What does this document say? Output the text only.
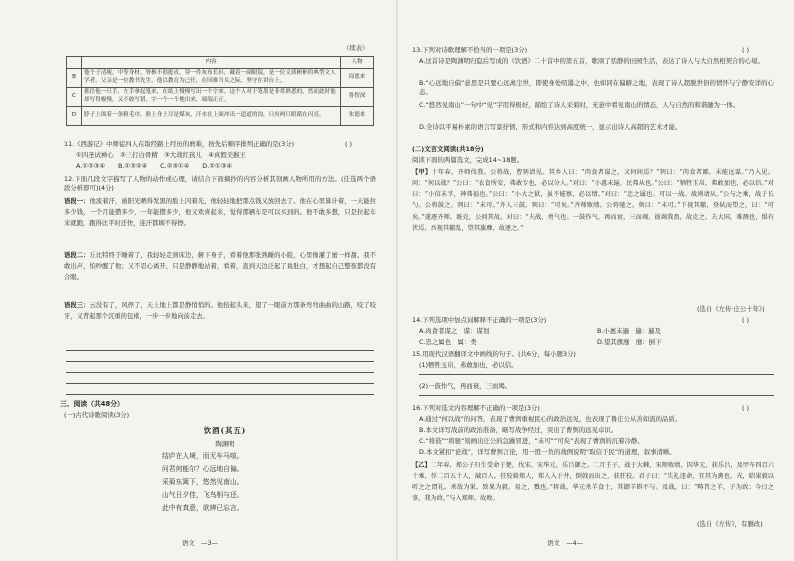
（续表）
	内容	人物
B	他个子清瘦，中等身材，脊椎不很挺直，穿一件灰布长衫，戴着一副眼镜，是一位文质彬彬的典型文人学者。父亲是一位教书先生，他以教育为己任，在国难当头之际，坚守在讲台上。	周恩来
C	抓住他一只手，左手拿起笔来，在纸上慢慢写出一个字来。这个人对于笔墨是非常熟悉的，然而此时他却写得极慢，又不敢写错，字一个一个地出来，端端正正。	鲁智深
D	脖子上围着一条粗毛巾，脸上身上尽是煤灰，汗水在上面冲出一道道的沟，只有两只眼睛在闪亮。	朱德来
11.《西游记》中师徒四人在取经路上经历的磨难，按先后顺序排列正确的是(3分)	( )
①四圣试禅心　②三打白骨精　③大战红孩儿　④真假美猴王
A.①②③④　　B.①③②④　　C.②③①④　　D.②①③④
12.下面几段文字描写了人物的动作或心理，请结合下面摘抄的内容分析其刻画人物所用的方法。(任选两个语段分析即可)(4分)
语段一：他流着汗，被阳光晒得发黑的脸上闪着光，他轻轻地把那点钱又放回去了。他在心里算计着，一天能拉多少钱，一个月能攒多少，一年能攒多少，他又欢喜起来，觉得那辆车是可以买到的。他不敢多想，只是拉起车来就跑，跑得比平时还快，连汗都顾不得擦。
语段二：丘比特终于睡着了，我轻轻走到床边，俯下身子，看着他那张熟睡的小脸，心里像灌了蜜一样甜。我不敢出声，怕吵醒了他；又不忍心离开，只是静静地站着，看着，直到天边泛起了鱼肚白，才想起自己整夜都没有合眼。
语段三：云没有了，风停了，天上地上都是静悄悄的。他抬起头来，望了一眼前方那条弯弯曲曲的山路，咬了咬牙，又背起那个沉重的包袱，一步一步地向前走去。
三、阅读（共48分）
(一)古代诗歌阅读(3分)
饮酒(其五)
陶渊明
结庐在人境，而无车马喧。
问君何能尔？心远地自偏。
采菊东篱下，悠然见南山。
山气日夕佳，飞鸟相与还。
此中有真意，欲辨已忘言。
语文　—3—
13.下列对诗歌理解不恰当的一项是(3分)	( )
A.这首诗是陶渊明归隐后写成的《饮酒》二十首中的第五首，歌颂了恬静的田园生活，表达了诗人与大自然相契合的心境。
B.“心远地自偏”意思是只要心远离尘世，即使身处喧嚣之中，也如同在偏僻之地，表现了诗人超脱世俗的情怀与宁静安详的心态。
C.“悠然见南山”一句中“见”字用得极好，描绘了诗人采菊时，无意中看见南山的情态，人与自然的和谐融为一体。
D.全诗以平易朴素的语言写景抒情，形式和内容达到高度统一，显示出诗人高超的艺术才能。
(二)文言文阅读(共18分)
阅读下面的两篇选文，完成14~18题。
【甲】十年春，齐师伐我。公将战，曹刿请见。其乡人曰：“肉食者谋之，又何间焉？”刿曰：“肉食者鄙，未能远谋。”乃入见。问：“何以战？”公曰：“衣食所安，弗敢专也，必以分人。”对曰：“小惠未遍，民弗从也。”公曰：“牺牲玉帛，弗敢加也，必以信。”对曰：“小信未孚，神弗福也。”公曰：“小大之狱，虽不能察，必以情。”对曰：“忠之属也。可以一战。战则请从。”公与之乘，战于长勺。公将鼓之。刿曰：“未可。”齐人三鼓。刿曰：“可矣。”齐师败绩。公将驰之。刿曰：“未可。”下视其辙，登轼而望之，曰：“可矣。”遂逐齐师。既克，公问其故。对曰：“夫战，勇气也。一鼓作气，再而衰，三而竭。彼竭我盈，故克之。夫大国，难测也，惧有伏焉。吾视其辙乱，望其旗靡，故逐之。”
(选自《左传·庄公十年》)
14.下列选项中加点词解释不正确的一项是(3分)	( )
A.肉食者谋之　谋：谋划	B.小惠未遍　遍：遍及
C.忠之属也　属：类	D.望其旗靡　靡：倒下
15.用现代汉语翻译文中画线的句子。(共6分，每小题3分)
(1)牺牲玉帛，弗敢加也，必以信。
(2)一鼓作气，再而衰，三而竭。
16.下列对选文内容理解不正确的一项是(3分)	( )
A.通过“何以战”的问答，表现了曹刿重视民心的政治远见，也表现了鲁庄公从善如流的品质。
B.本文详写战前的政治准备，略写战争经过，突出了曹刿的远见卓识。
C.“将鼓”“将驰”刻画出庄公的急躁冒进，“未可”“可矣”表现了曹刿的沉着冷静。
D.本文紧扣“论战”，详写曹刿言论，用一胜一负的战例说明“取信于民”的道理，叙事清晰。
【乙】二年春，郑公子归生受命于楚，伐宋。宋华元、乐吕御之。二月壬子，战于大棘，宋师败绩，囚华元，获乐吕，及甲车四百六十乘，俘二百五十人，馘百人。狂狡辂郑人，郑人入于井，倒戟而出之，获狂狡。君子曰：“失礼违命，宜其为禽也。戎，昭果毅以听之之谓礼。杀敌为果，致果为毅。易之，戮也。”将战，华元杀羊食士，其御羊斟不与。及战，曰：“畴昔之羊，子为政；今日之事，我为政。”与入郑师，故败。
(选自《左传》，有删改)
语文　—4—
